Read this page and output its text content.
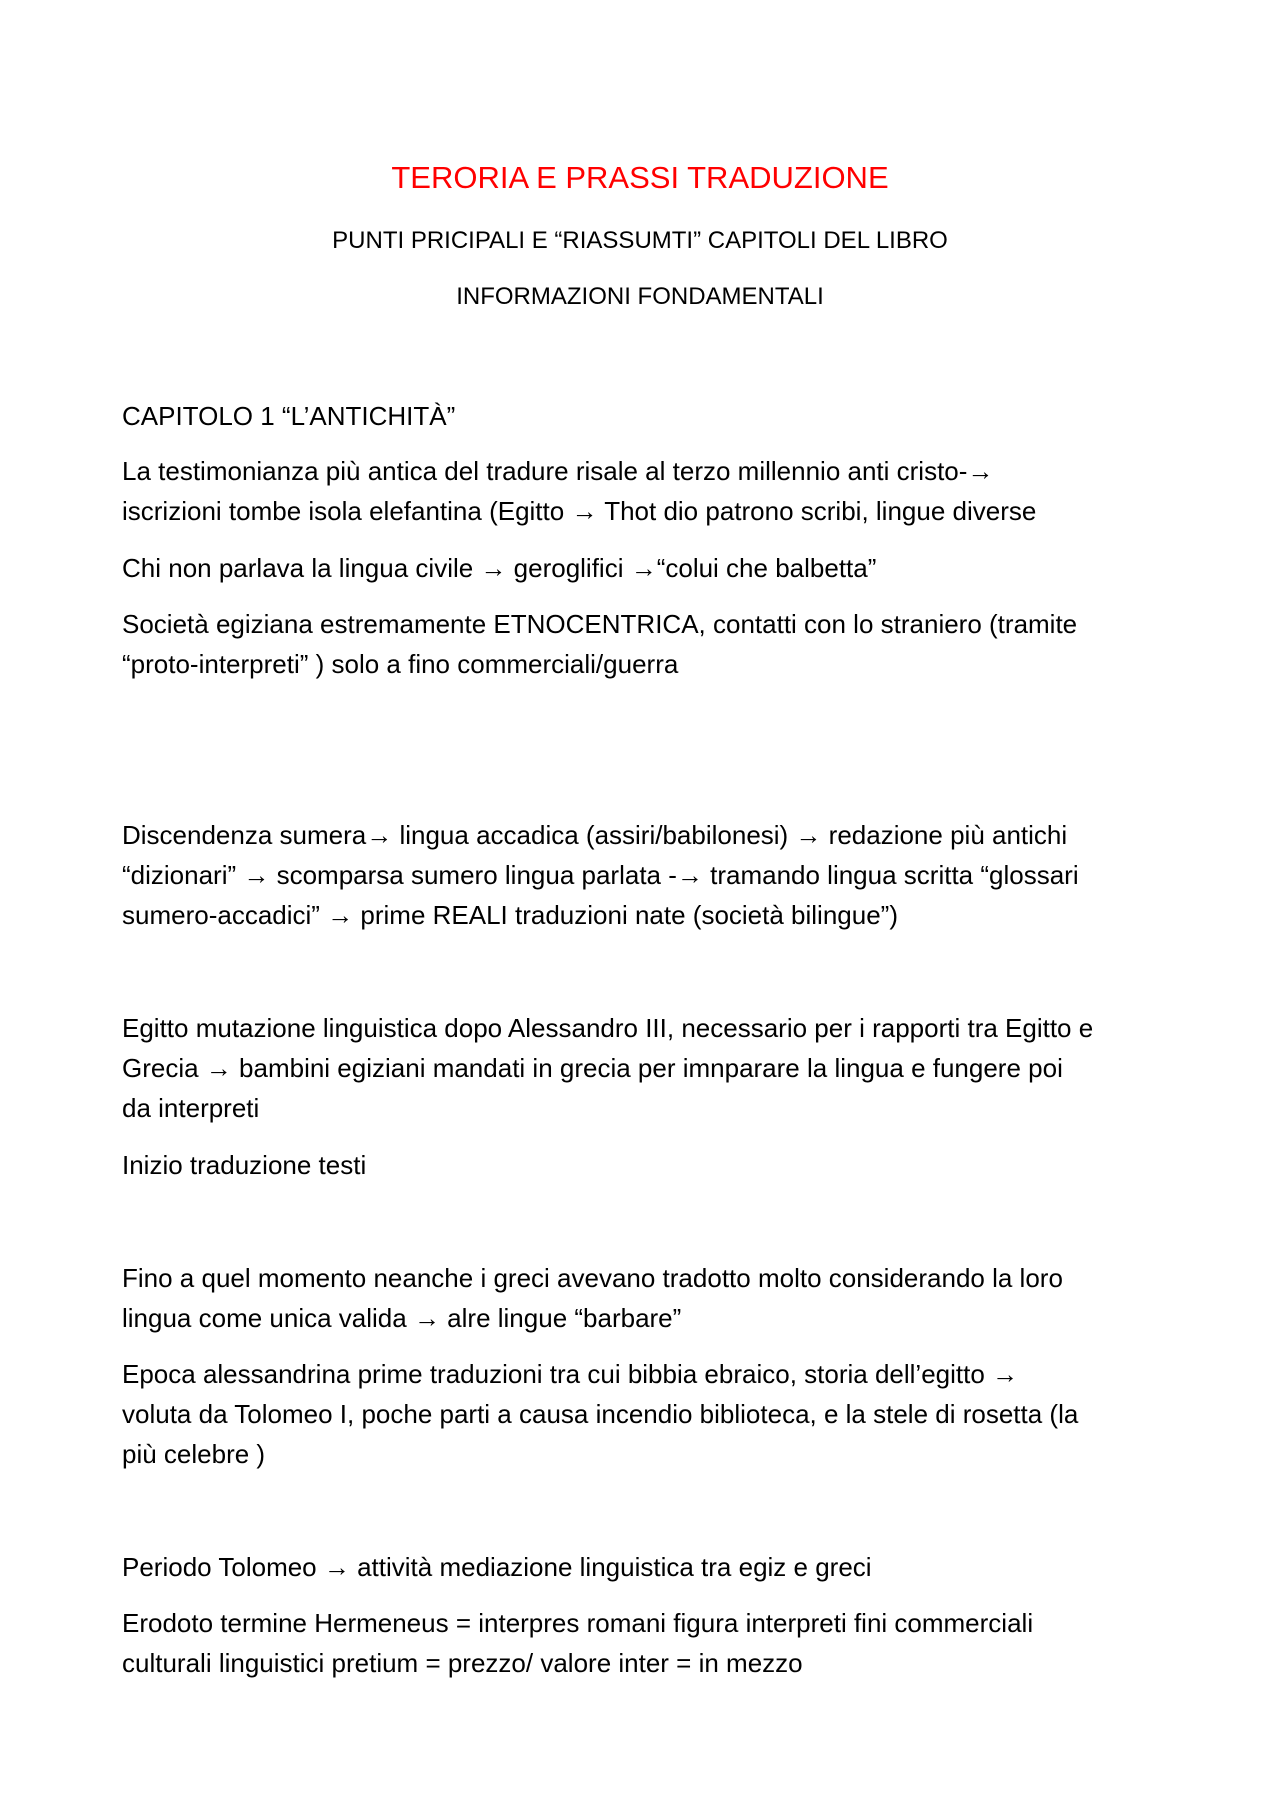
TERORIA E PRASSI TRADUZIONE
PUNTI PRICIPALI E “RIASSUMTI” CAPITOLI DEL LIBRO
INFORMAZIONI FONDAMENTALI
CAPITOLO 1 “L’ANTICHITÀ”
La testimonianza più antica del tradure risale al terzo millennio anti cristo-→
iscrizioni tombe isola elefantina (Egitto → Thot dio patrono scribi, lingue diverse
Chi non parlava la lingua civile → geroglifici →“colui che balbetta”
Società egiziana estremamente ETNOCENTRICA, contatti con lo straniero (tramite
“proto-interpreti” ) solo a fino commerciali/guerra
Discendenza sumera→ lingua accadica (assiri/babilonesi) → redazione più antichi
“dizionari” → scomparsa sumero lingua parlata -→ tramando lingua scritta “glossari
sumero-accadici” → prime REALI traduzioni nate (società bilingue”)
Egitto mutazione linguistica dopo Alessandro III, necessario per i rapporti tra Egitto e
Grecia → bambini egiziani mandati in grecia per imnparare la lingua e fungere poi
da interpreti
Inizio traduzione testi
Fino a quel momento neanche i greci avevano tradotto molto considerando la loro
lingua come unica valida → alre lingue “barbare”
Epoca alessandrina prime traduzioni tra cui bibbia ebraico, storia dell’egitto →
voluta da Tolomeo I, poche parti a causa incendio biblioteca, e la stele di rosetta (la
più celebre )
Periodo Tolomeo → attività mediazione linguistica tra egiz e greci
Erodoto termine Hermeneus = interpres romani figura interpreti fini commerciali
culturali linguistici pretium = prezzo/ valore inter = in mezzo
